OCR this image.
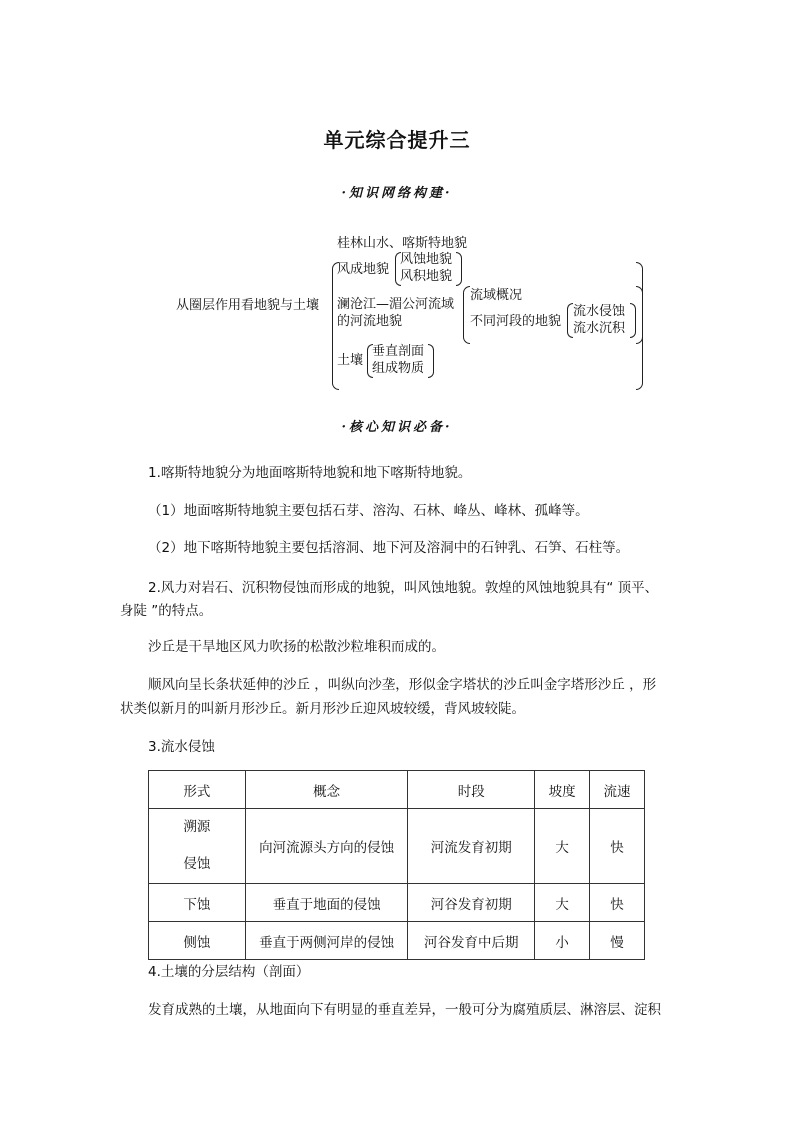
单元综合提升三
·知识网络构建·
从圈层作用看地貌与土壤
桂林山水、喀斯特地貌
风成地貌
风蚀地貌
风积地貌
澜沧江—湄公河流域
的河流地貌
流域概况
不同河段的地貌
流水侵蚀
流水沉积
土壤
垂直剖面
组成物质
·核心知识必备·
1.喀斯特地貌分为地面喀斯特地貌和地下喀斯特地貌。
（1）地面喀斯特地貌主要包括石芽、溶沟、石林、峰丛、峰林、孤峰等。
（2）地下喀斯特地貌主要包括溶洞、地下河及溶洞中的石钟乳、石笋、石柱等。
2.风力对岩石、沉积物侵蚀而形成的地貌，叫风蚀地貌。敦煌的风蚀地貌具有“ 顶平、
身陡 ”的特点。
沙丘是干旱地区风力吹扬的松散沙粒堆积而成的。
顺风向呈长条状延伸的沙丘 ，叫纵向沙垄，形似金字塔状的沙丘叫金字塔形沙丘 ，形
状类似新月的叫新月形沙丘。新月形沙丘迎风坡较缓，背风坡较陡。
3.流水侵蚀
形式	概念	时段	坡度	流速

溯源
侵蚀	向河流源头方向的侵蚀	河流发育初期	大	快
下蚀	垂直于地面的侵蚀	河谷发育初期	大	快
侧蚀	垂直于两侧河岸的侵蚀	河谷发育中后期	小	慢
4.土壤的分层结构（剖面）
发育成熟的土壤，从地面向下有明显的垂直差异，一般可分为腐殖质层、淋溶层、淀积
